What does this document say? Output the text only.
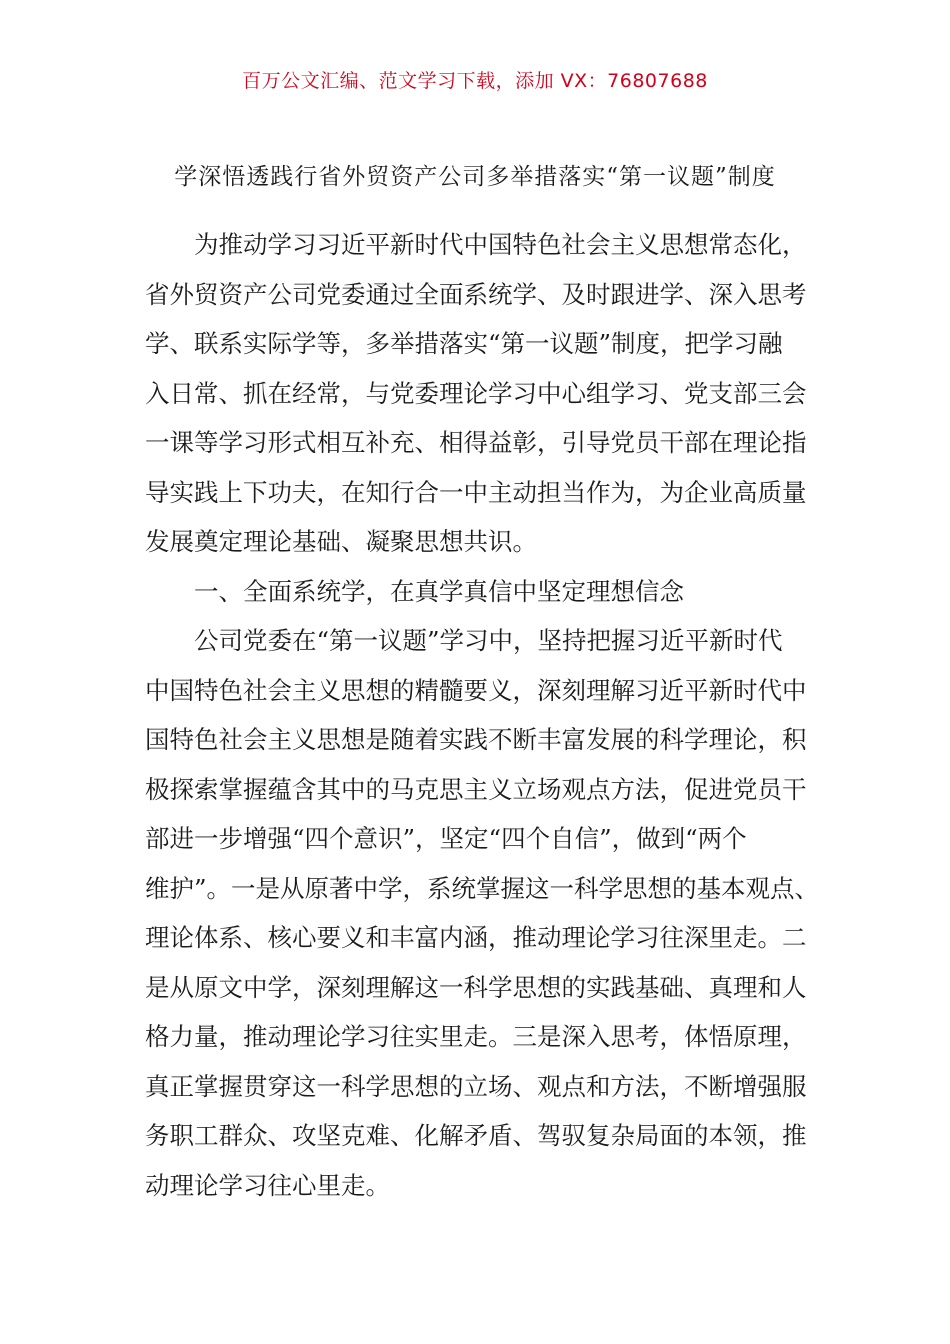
百万公文汇编、范文学习下载，添加 VX：76807688
学深悟透践行省外贸资产公司多举措落实“第一议题”制度
为推动学习习近平新时代中国特色社会主义思想常态化，
省外贸资产公司党委通过全面系统学、及时跟进学、深入思考
学、联系实际学等，多举措落实“第一议题”制度，把学习融
入日常、抓在经常，与党委理论学习中心组学习、党支部三会
一课等学习形式相互补充、相得益彰，引导党员干部在理论指
导实践上下功夫，在知行合一中主动担当作为，为企业高质量
发展奠定理论基础、凝聚思想共识。
一、全面系统学，在真学真信中坚定理想信念
公司党委在“第一议题”学习中，坚持把握习近平新时代
中国特色社会主义思想的精髓要义，深刻理解习近平新时代中
国特色社会主义思想是随着实践不断丰富发展的科学理论，积
极探索掌握蕴含其中的马克思主义立场观点方法，促进党员干
部进一步增强“四个意识”，坚定“四个自信”，做到“两个
维护”。一是从原著中学，系统掌握这一科学思想的基本观点、
理论体系、核心要义和丰富内涵，推动理论学习往深里走。二
是从原文中学，深刻理解这一科学思想的实践基础、真理和人
格力量，推动理论学习往实里走。三是深入思考，体悟原理，
真正掌握贯穿这一科学思想的立场、观点和方法，不断增强服
务职工群众、攻坚克难、化解矛盾、驾驭复杂局面的本领，推
动理论学习往心里走。
